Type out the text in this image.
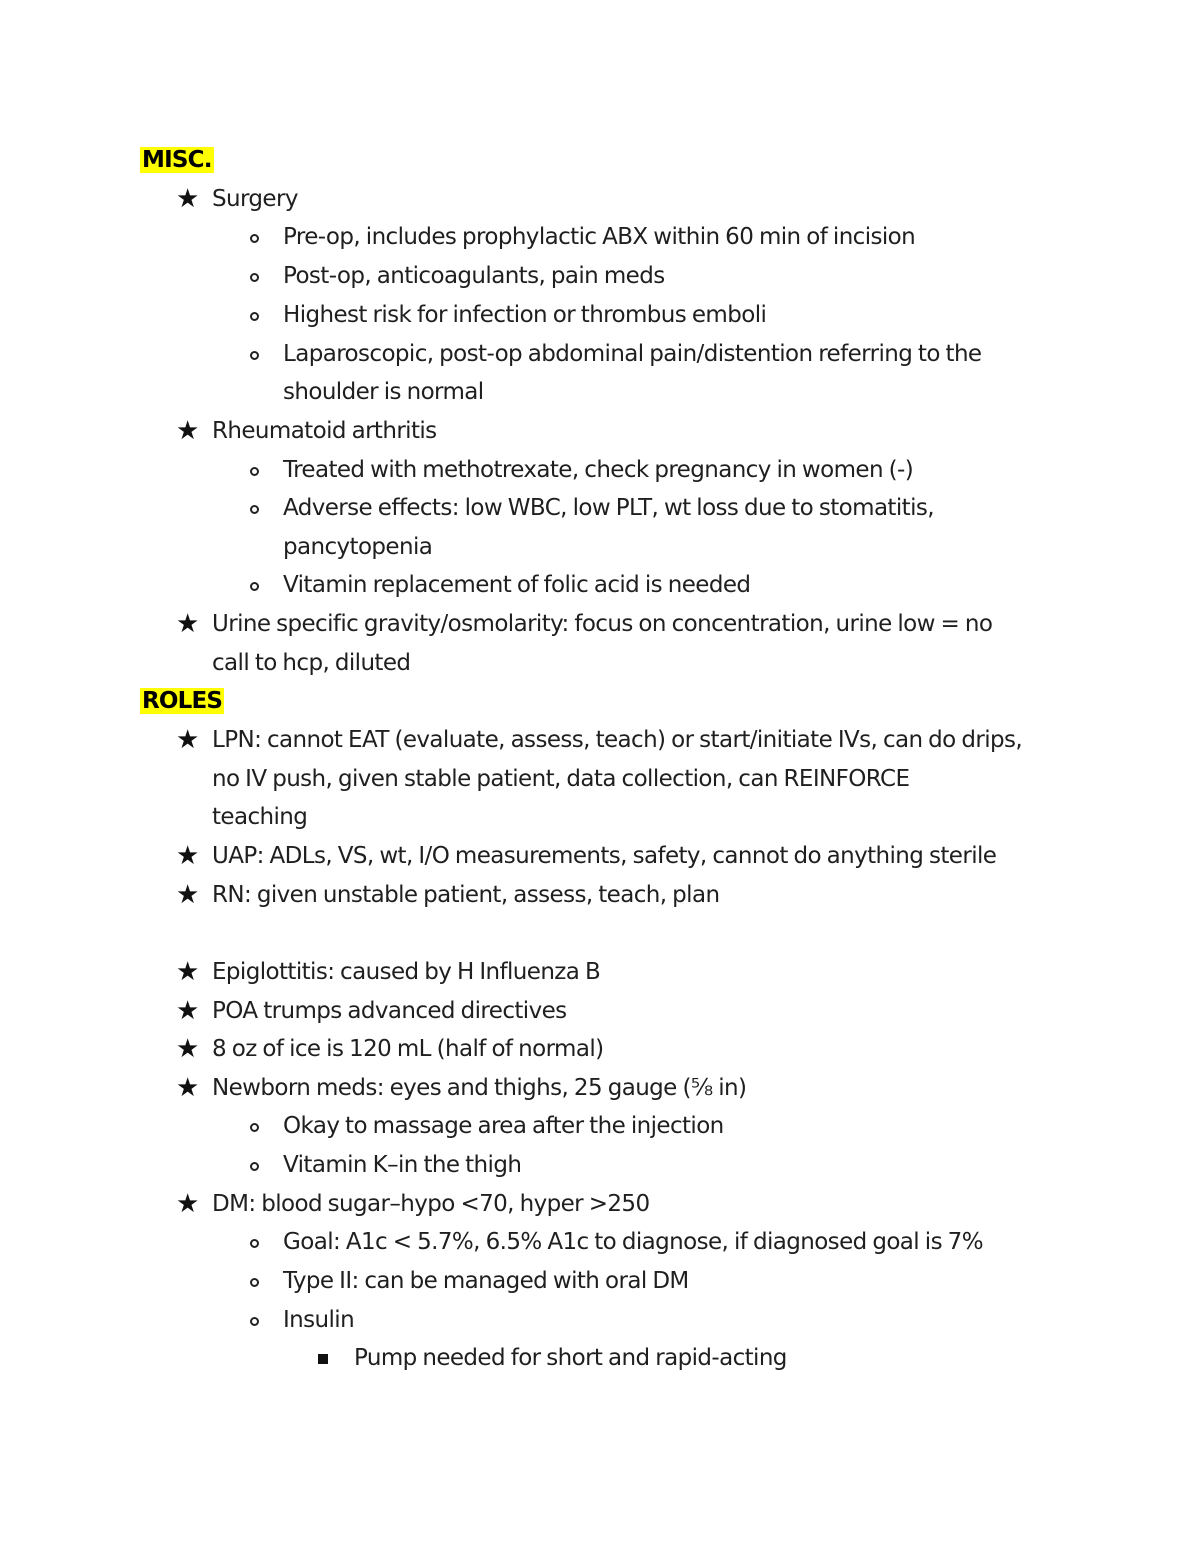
MISC.
★ Surgery
Pre-op, includes prophylactic ABX within 60 min of incision
Post-op, anticoagulants, pain meds
Highest risk for infection or thrombus emboli
Laparoscopic, post-op abdominal pain/distention referring to the
shoulder is normal
★ Rheumatoid arthritis
Treated with methotrexate, check pregnancy in women (-)
Adverse effects: low WBC, low PLT, wt loss due to stomatitis,
pancytopenia
Vitamin replacement of folic acid is needed
★ Urine specific gravity/osmolarity: focus on concentration, urine low = no
call to hcp, diluted
ROLES
★ LPN: cannot EAT (evaluate, assess, teach) or start/initiate IVs, can do drips,
no IV push, given stable patient, data collection, can REINFORCE
teaching
★ UAP: ADLs, VS, wt, I/O measurements, safety, cannot do anything sterile
★ RN: given unstable patient, assess, teach, plan
★ Epiglottitis: caused by H Influenza B
★ POA trumps advanced directives
★ 8 oz of ice is 120 mL (half of normal)
★ Newborn meds: eyes and thighs, 25 gauge (⅝ in)
Okay to massage area after the injection
Vitamin K–in the thigh
★ DM: blood sugar–hypo <70, hyper >250
Goal: A1c < 5.7%, 6.5% A1c to diagnose, if diagnosed goal is 7%
Type II: can be managed with oral DM
Insulin
Pump needed for short and rapid-acting
